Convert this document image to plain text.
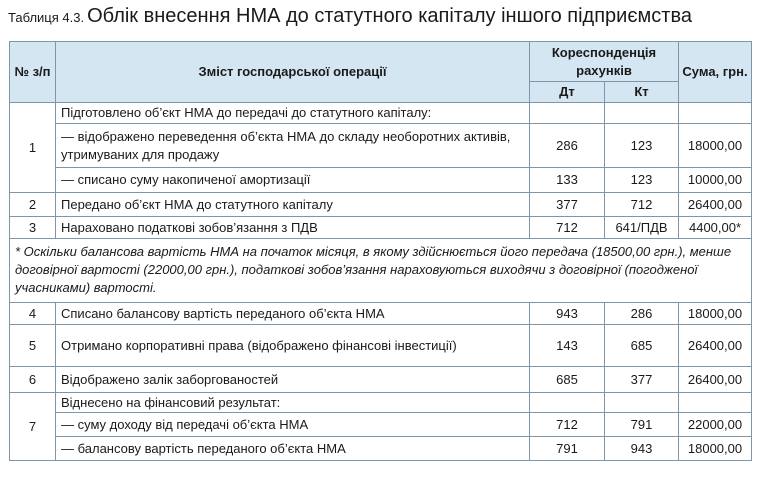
Таблиця 4.3. Облік внесення НМА до статутного капіталу іншого підприємства
№ з/п	Зміст господарської операції	Кореспонденція рахунків		Сума, грн.
		Дт	Кт	
1	Підготовлено об’єкт НМА до передачі до статутного капіталу:			
	— відображено переведення об’єкта НМА до складу необоротних активів, утримуваних для продажу	286	123	18000,00
	— списано суму накопиченої амортизації	133	123	10000,00
2	Передано об’єкт НМА до статутного капіталу	377	712	26400,00
3	Нараховано податкові зобов’язання з ПДВ	712	641/ПДВ	4400,00*
* Оскільки балансова вартість НМА на початок місяця, в якому здійснюється його передача (18500,00 грн.), менше договірної вартості (22000,00 грн.), податкові зобов’язання нараховуються виходячи з договірної (погодженої учасниками) вартості.				
4	Списано балансову вартість переданого об’єкта НМА	943	286	18000,00
5	Отримано корпоративні права (відображено фінансові інвестиції)	143	685	26400,00
6	Відображено залік заборгованостей	685	377	26400,00
7	Віднесено на фінансовий результат:			
	— суму доходу від передачі об’єкта НМА	712	791	22000,00
	— балансову вартість переданого об’єкта НМА	791	943	18000,00
